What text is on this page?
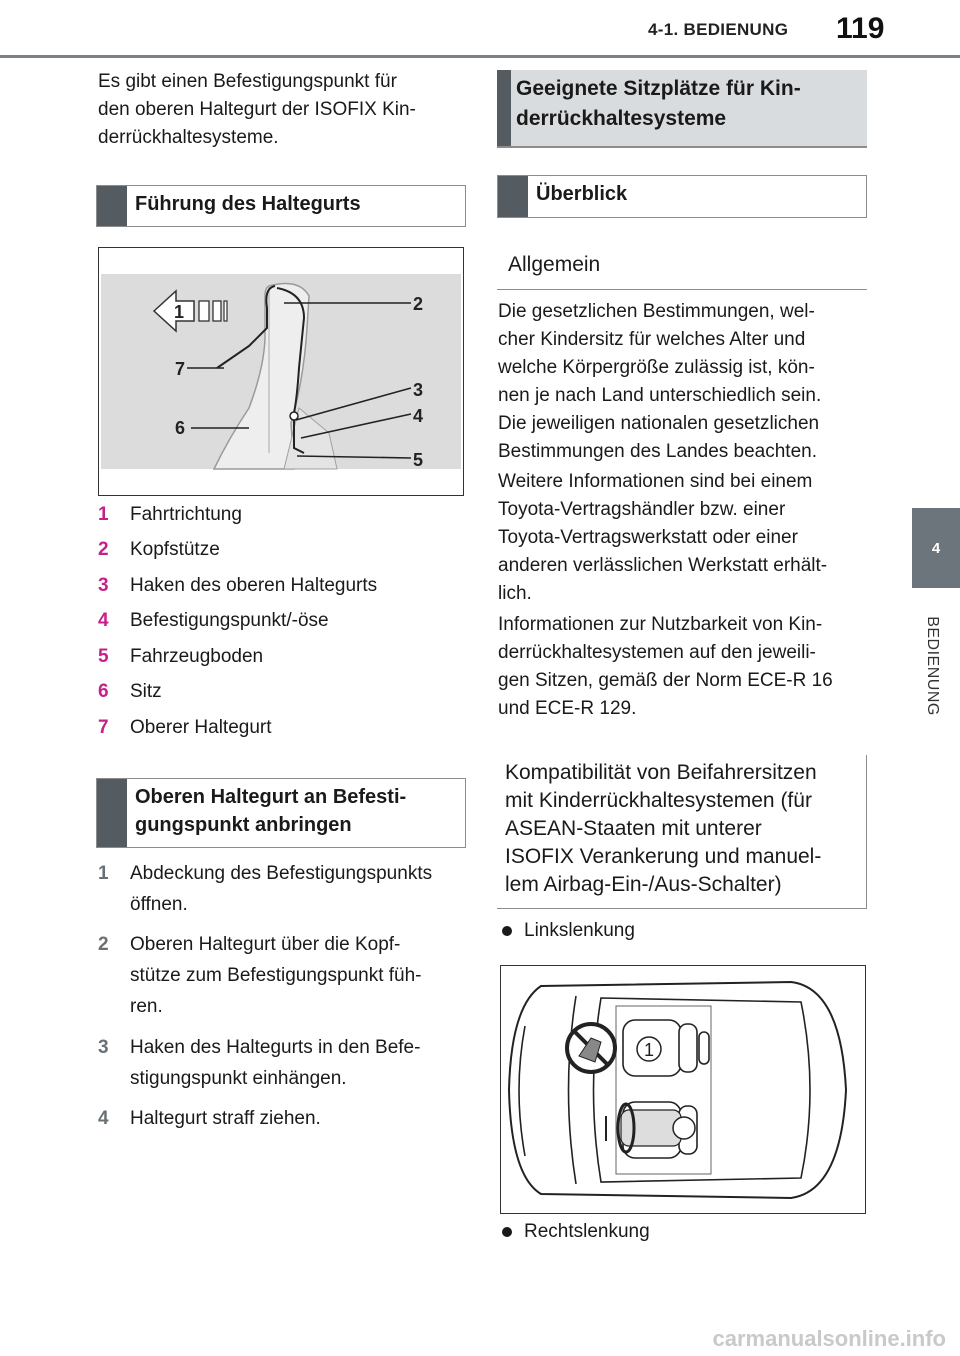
4-1. BEDIENUNG 119
4
BEDIENUNG
Es gibt einen Befestigungspunkt für
den oberen Haltegurt der ISOFIX Kin-
derrückhaltesysteme.
Führung des Haltegurts
1	2
3
4
5
6
7
1 Fahrtrichtung
2 Kopfstütze
3 Haken des oberen Haltegurts
4 Befestigungspunkt/-öse
5 Fahrzeugboden
6 Sitz
7 Oberer Haltegurt
Oberen Haltegurt an Befesti-
gungspunkt anbringen
1 Abdeckung des Befestigungspunkts
öffnen.
2 Oberen Haltegurt über die Kopf-
stütze zum Befestigungspunkt füh-
ren.
3 Haken des Haltegurts in den Befe-
stigungspunkt einhängen.
4 Haltegurt straff ziehen.
Geeignete Sitzplätze für Kin-
derrückhaltesysteme
Überblick
Allgemein
Die gesetzlichen Bestimmungen, wel-
cher Kindersitz für welches Alter und
welche Körpergröße zulässig ist, kön-
nen je nach Land unterschiedlich sein.
Die jeweiligen nationalen gesetzlichen
Bestimmungen des Landes beachten.
Weitere Informationen sind bei einem
Toyota-Vertragshändler bzw. einer
Toyota-Vertragswerkstatt oder einer
anderen verlässlichen Werkstatt erhält-
lich.
Informationen zur Nutzbarkeit von Kin-
derrückhaltesystemen auf den jeweili-
gen Sitzen, gemäß der Norm ECE-R 16
und ECE-R 129.
Kompatibilität von Beifahrersitzen
mit Kinderrückhaltesystemen (für
ASEAN-Staaten mit unterer
ISOFIX Verankerung und manuel-
lem Airbag-Ein-/Aus-Schalter)
Linkslenkung
1
Rechtslenkung
carmanualsonline.info
